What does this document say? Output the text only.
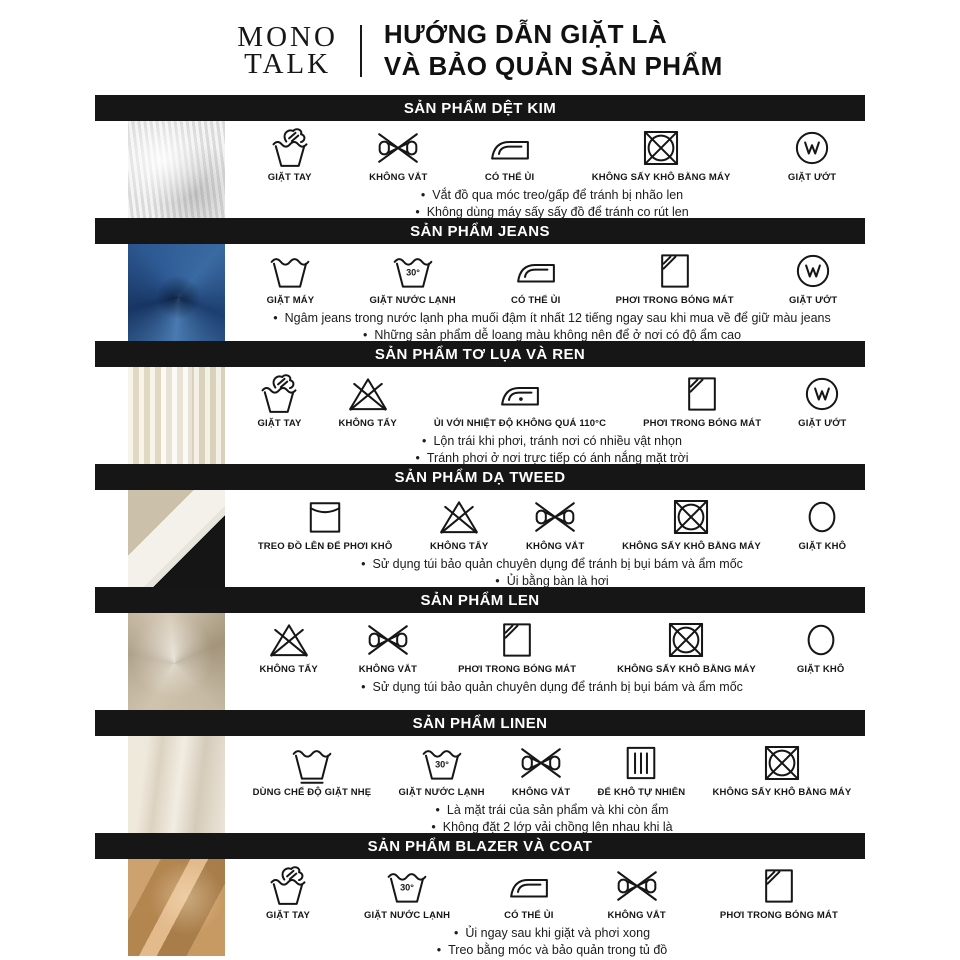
MONO
TALK
HƯỚNG DẪN GIẶT LÀ
VÀ BẢO QUẢN SẢN PHẨM
SẢN PHẨM DỆT KIM
GIẶT TAY	KHÔNG VẮT	CÓ THỂ ỦI	KHÔNG SẤY KHÔ BẰNG MÁY	GIẶT ƯỚT
• Vắt đồ qua móc treo/gấp để tránh bị nhão len
• Không dùng máy sấy sấy đồ để tránh co rút len
SẢN PHẨM JEANS
GIẶT MÁY
30°
GIẶT NƯỚC LẠNH	CÓ THỂ ỦI	PHƠI TRONG BÓNG MÁT	GIẶT ƯỚT
• Ngâm jeans trong nước lạnh pha muối đậm ít nhất 12 tiếng ngay sau khi mua về để giữ màu jeans
• Những sản phẩm dễ loang màu không nên để ở nơi có độ ẩm cao
SẢN PHẨM TƠ LỤA VÀ REN
GIẶT TAY	KHÔNG TẨY	ỦI VỚI NHIỆT ĐỘ KHÔNG QUÁ 110°C	PHƠI TRONG BÓNG MÁT	GIẶT ƯỚT
• Lộn trái khi phơi, tránh nơi có nhiều vật nhọn
• Tránh phơi ở nơi trực tiếp có ánh nắng mặt trời
SẢN PHẨM DẠ TWEED
TREO ĐỒ LÊN ĐỂ PHƠI KHÔ	KHÔNG TẨY	KHÔNG VẮT	KHÔNG SẤY KHÔ BẰNG MÁY	GIẶT KHÔ
• Sử dụng túi bảo quản chuyên dụng để tránh bị bụi bám và ẩm mốc
• Ủi bằng bàn là hơi
SẢN PHẨM LEN
KHÔNG TẨY	KHÔNG VẮT	PHƠI TRONG BÓNG MÁT	KHÔNG SẤY KHÔ BẰNG MÁY	GIẶT KHÔ
• Sử dụng túi bảo quản chuyên dụng để tránh bị bụi bám và ẩm mốc
SẢN PHẨM LINEN
DÙNG CHẾ ĐỘ GIẶT NHẸ
30°
GIẶT NƯỚC LẠNH	KHÔNG VẮT	ĐỂ KHÔ TỰ NHIÊN	KHÔNG SẤY KHÔ BẰNG MÁY
• Là mặt trái của sản phẩm và khi còn ẩm
• Không đặt 2 lớp vải chồng lên nhau khi là
SẢN PHẨM BLAZER VÀ COAT
GIẶT TAY
30°
GIẶT NƯỚC LẠNH	CÓ THỂ ỦI	KHÔNG VẮT	PHƠI TRONG BÓNG MÁT
• Ủi ngay sau khi giặt và phơi xong
• Treo bằng móc và bảo quản trong tủ đồ
